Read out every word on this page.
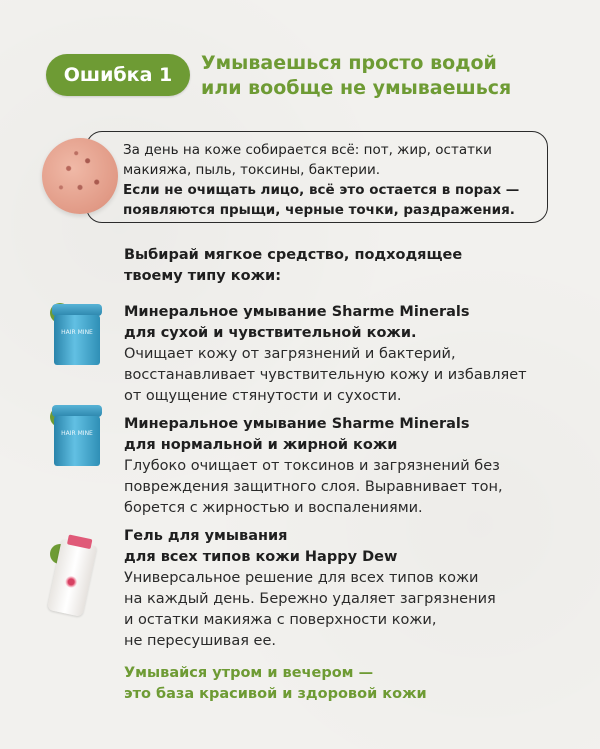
Ошибка 1
Умываешься просто водой
или вообще не умываешься
За день на коже собирается всё: пот, жир, остатки макияжа, пыль, токсины, бактерии.
Если не очищать лицо, всё это остается в порах — появляются прыщи, черные точки, раздражения.
Выбирай мягкое средство, подходящее
твоему типу кожи:
HAIR MINE
Минеральное умывание Sharme Minerals
для сухой и чувствительной кожи.
Очищает кожу от загрязнений и бактерий,
восстанавливает чувствительную кожу и избавляет
от ощущение стянутости и сухости.
HAIR MINE
Минеральное умывание Sharme Minerals
для нормальной и жирной кожи
Глубоко очищает от токсинов и загрязнений без
повреждения защитного слоя. Выравнивает тон,
борется с жирностью и воспалениями.
Гель для умывания
для всех типов кожи Happy Dew
Универсальное решение для всех типов кожи
на каждый день. Бережно удаляет загрязнения
и остатки макияжа с поверхности кожи,
не пересушивая ее.
Умывайся утром и вечером —
это база красивой и здоровой кожи
